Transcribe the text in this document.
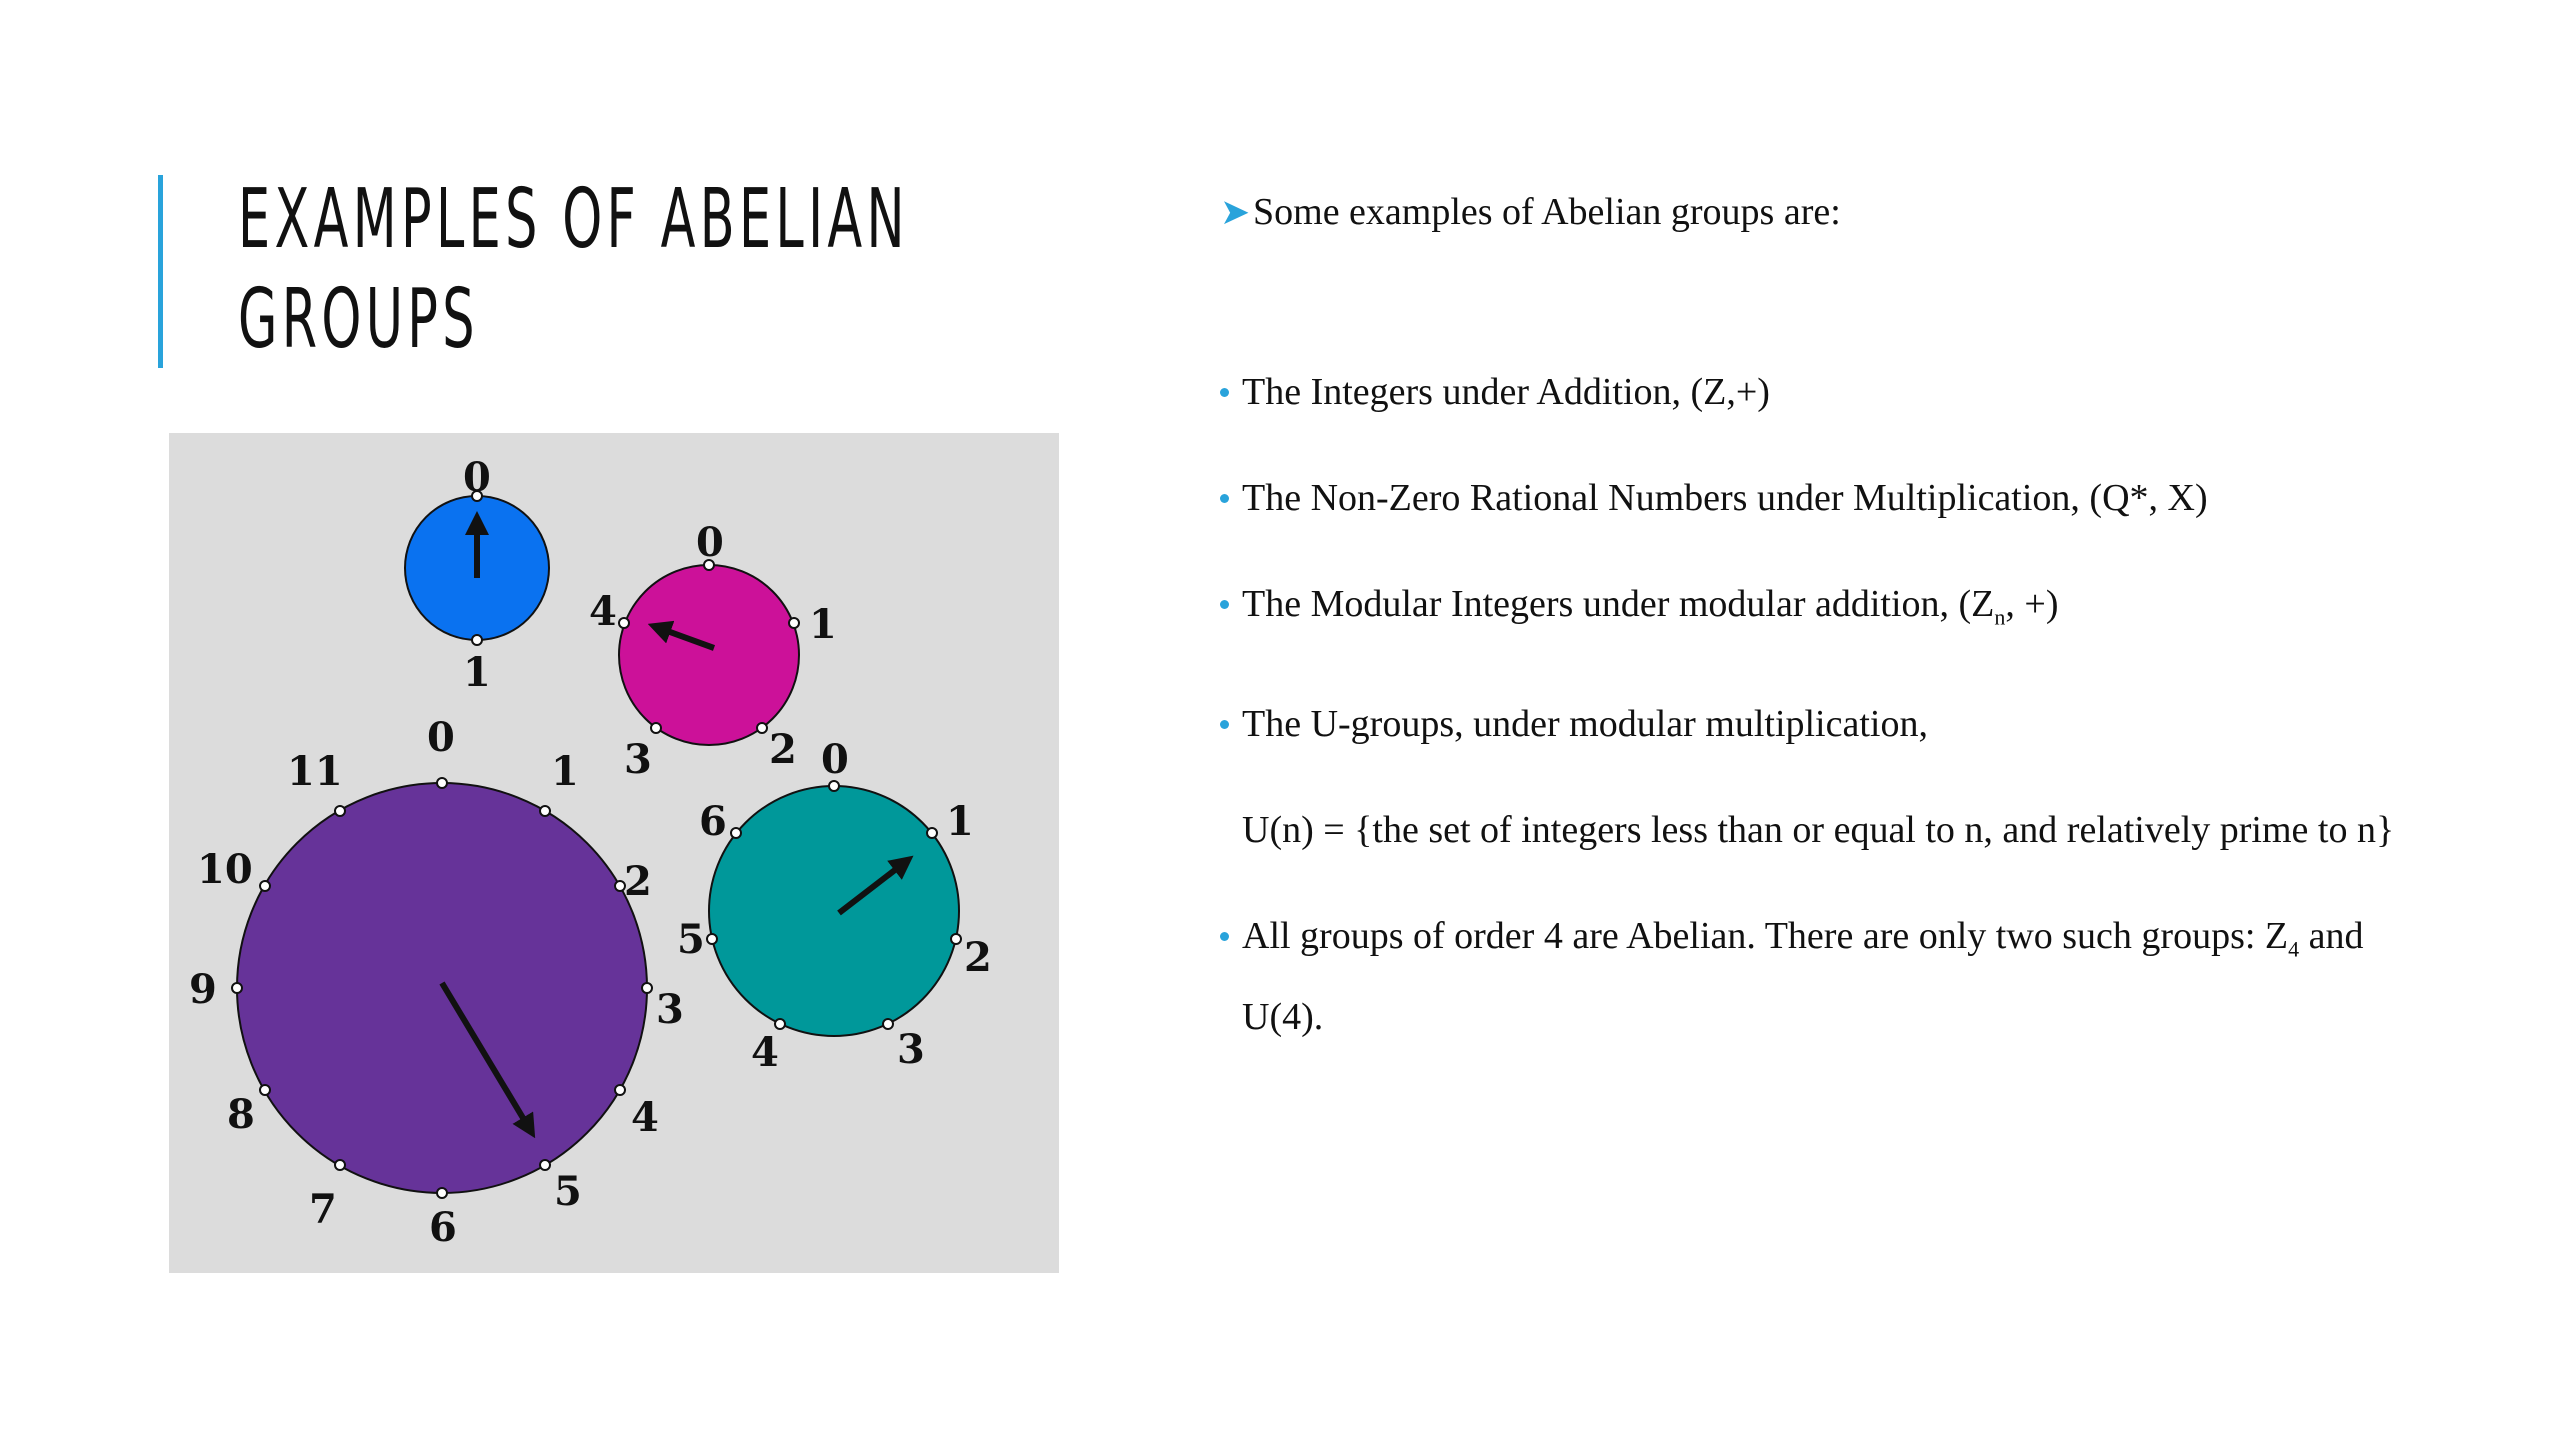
EXAMPLES OF ABELIAN
GROUPS
0
1
0
1
2
3
4
0
1
2
3
4
5
6
0
1
2
3
4
5
6
7
8
9
10
11

➤ Some examples of Abelian groups are:

The Integers under Addition, (Z,+)
The Non-Zero Rational Numbers under Multiplication, (Q*, X)
The Modular Integers under modular addition, ($Z_n$, +)
The U-groups, under modular multiplication,

U(n) = {the set of integers less than or equal to n, and relatively prime to n}

All groups of order 4 are Abelian. There are only two such groups: $Z_4$ and U(4).
